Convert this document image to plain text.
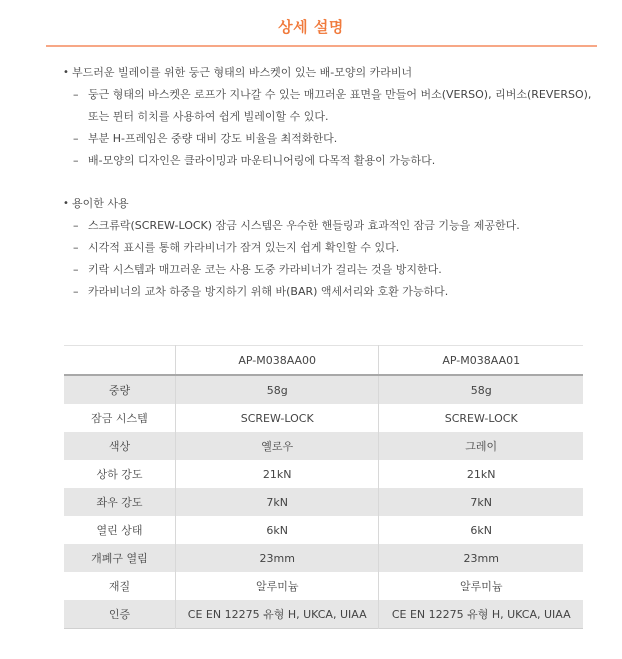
상세 설명
• 부드러운 빌레이를 위한 둥근 형태의 바스켓이 있는 배-모양의 카라비너
– 둥근 형태의 바스켓은 로프가 지나갈 수 있는 매끄러운 표면을 만들어 버소(VERSO), 리버소(REVERSO),
또는 뮌터 히치를 사용하여 쉽게 빌레이할 수 있다.
– 부분 H-프레임은 중량 대비 강도 비율을 최적화한다.
– 배-모양의 디자인은 클라이밍과 마운티니어링에 다목적 활용이 가능하다.
• 용이한 사용
– 스크류락(SCREW-LOCK) 잠금 시스템은 우수한 핸들링과 효과적인 잠금 기능을 제공한다.
– 시각적 표시를 통해 카라비너가 잠겨 있는지 쉽게 확인할 수 있다.
– 키락 시스템과 매끄러운 코는 사용 도중 카라비너가 걸리는 것을 방지한다.
– 카라비너의 교차 하중을 방지하기 위해 바(BAR) 액세서리와 호환 가능하다.
	AP-M038AA00	AP-M038AA01
중량	58g	58g
잠금 시스템	SCREW-LOCK	SCREW-LOCK
색상	옐로우	그레이
상하 강도	21kN	21kN
좌우 강도	7kN	7kN
열린 상태	6kN	6kN
개폐구 열림	23mm	23mm
재질	알루미늄	알루미늄
인증	CE EN 12275 유형 H, UKCA, UIAA	CE EN 12275 유형 H, UKCA, UIAA
